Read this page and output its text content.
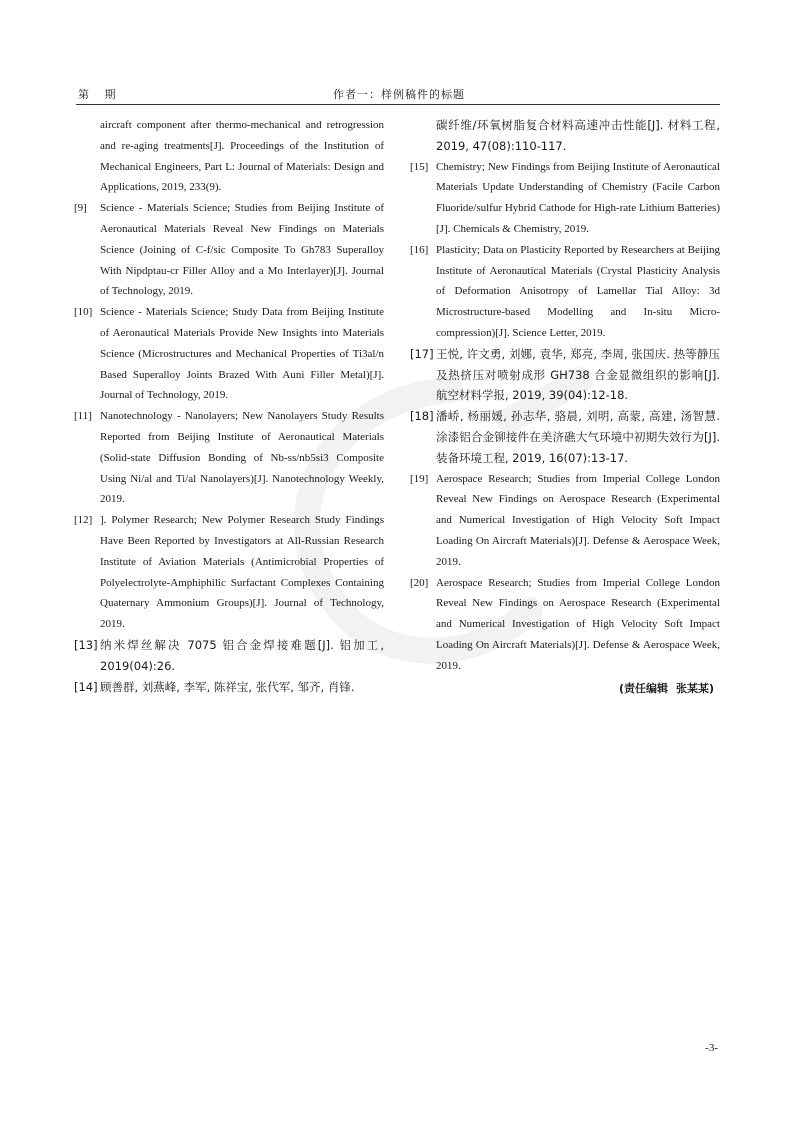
第 期	作者一：样例稿件的标题
aircraft component after thermo-mechanical and retrogression and re-aging treatments[J]. Proceedings of the Institution of Mechanical Engineers, Part L: Journal of Materials: Design and Applications, 2019, 233(9).
[9] Science - Materials Science; Studies from Beijing Institute of Aeronautical Materials Reveal New Findings on Materials Science (Joining of C-f/sic Composite To Gh783 Superalloy With Nipdptau-cr Filler Alloy and a Mo Interlayer)[J]. Journal of Technology, 2019.
[10] Science - Materials Science; Study Data from Beijing Institute of Aeronautical Materials Provide New Insights into Materials Science (Microstructures and Mechanical Properties of Ti3al/n Based Superalloy Joints Brazed With Auni Filler Metal)[J]. Journal of Technology, 2019.
[11] Nanotechnology - Nanolayers; New Nanolayers Study Results Reported from Beijing Institute of Aeronautical Materials (Solid-state Diffusion Bonding of Nb-ss/nb5si3 Composite Using Ni/al and Ti/al Nanolayers)[J]. Nanotechnology Weekly, 2019.
[12] ]. Polymer Research; New Polymer Research Study Findings Have Been Reported by Investigators at All-Russian Research Institute of Aviation Materials (Antimicrobial Properties of Polyelectrolyte-Amphiphilic Surfactant Complexes Containing Quaternary Ammonium Groups)[J]. Journal of Technology, 2019.
[13] 纳米焊丝解决 7075 铝合金焊接难题[J]. 铝加工, 2019(04):26.
[14] 顾善群, 刘燕峰, 李军, 陈祥宝, 张代军, 邹齐, 肖锋.
碳纤维/环氧树脂复合材料高速冲击性能[J]. 材料工程, 2019, 47(08):110-117.
[15] Chemistry; New Findings from Beijing Institute of Aeronautical Materials Update Understanding of Chemistry (Facile Carbon Fluoride/sulfur Hybrid Cathode for High-rate Lithium Batteries)[J]. Chemicals & Chemistry, 2019.
[16] Plasticity; Data on Plasticity Reported by Researchers at Beijing Institute of Aeronautical Materials (Crystal Plasticity Analysis of Deformation Anisotropy of Lamellar Tial Alloy: 3d Microstructure-based Modelling and In-situ Micro-compression)[J]. Science Letter, 2019.
[17] 王悦, 许文勇, 刘娜, 袁华, 郑亮, 李周, 张国庆. 热等静压及热挤压对喷射成形 GH738 合金显微组织的影响[J]. 航空材料学报, 2019, 39(04):12-18.
[18] 潘峤, 杨丽媛, 孙志华, 骆晨, 刘明, 高蒙, 高建, 汤智慧. 涂漆铝合金铆接件在美济礁大气环境中初期失效行为[J]. 装备环境工程, 2019, 16(07):13-17.
[19] Aerospace Research; Studies from Imperial College London Reveal New Findings on Aerospace Research (Experimental and Numerical Investigation of High Velocity Soft Impact Loading On Aircraft Materials)[J]. Defense & Aerospace Week, 2019.
[20] Aerospace Research; Studies from Imperial College London Reveal New Findings on Aerospace Research (Experimental and Numerical Investigation of High Velocity Soft Impact Loading On Aircraft Materials)[J]. Defense & Aerospace Week, 2019.
(责任编辑 张某某)
-3-
